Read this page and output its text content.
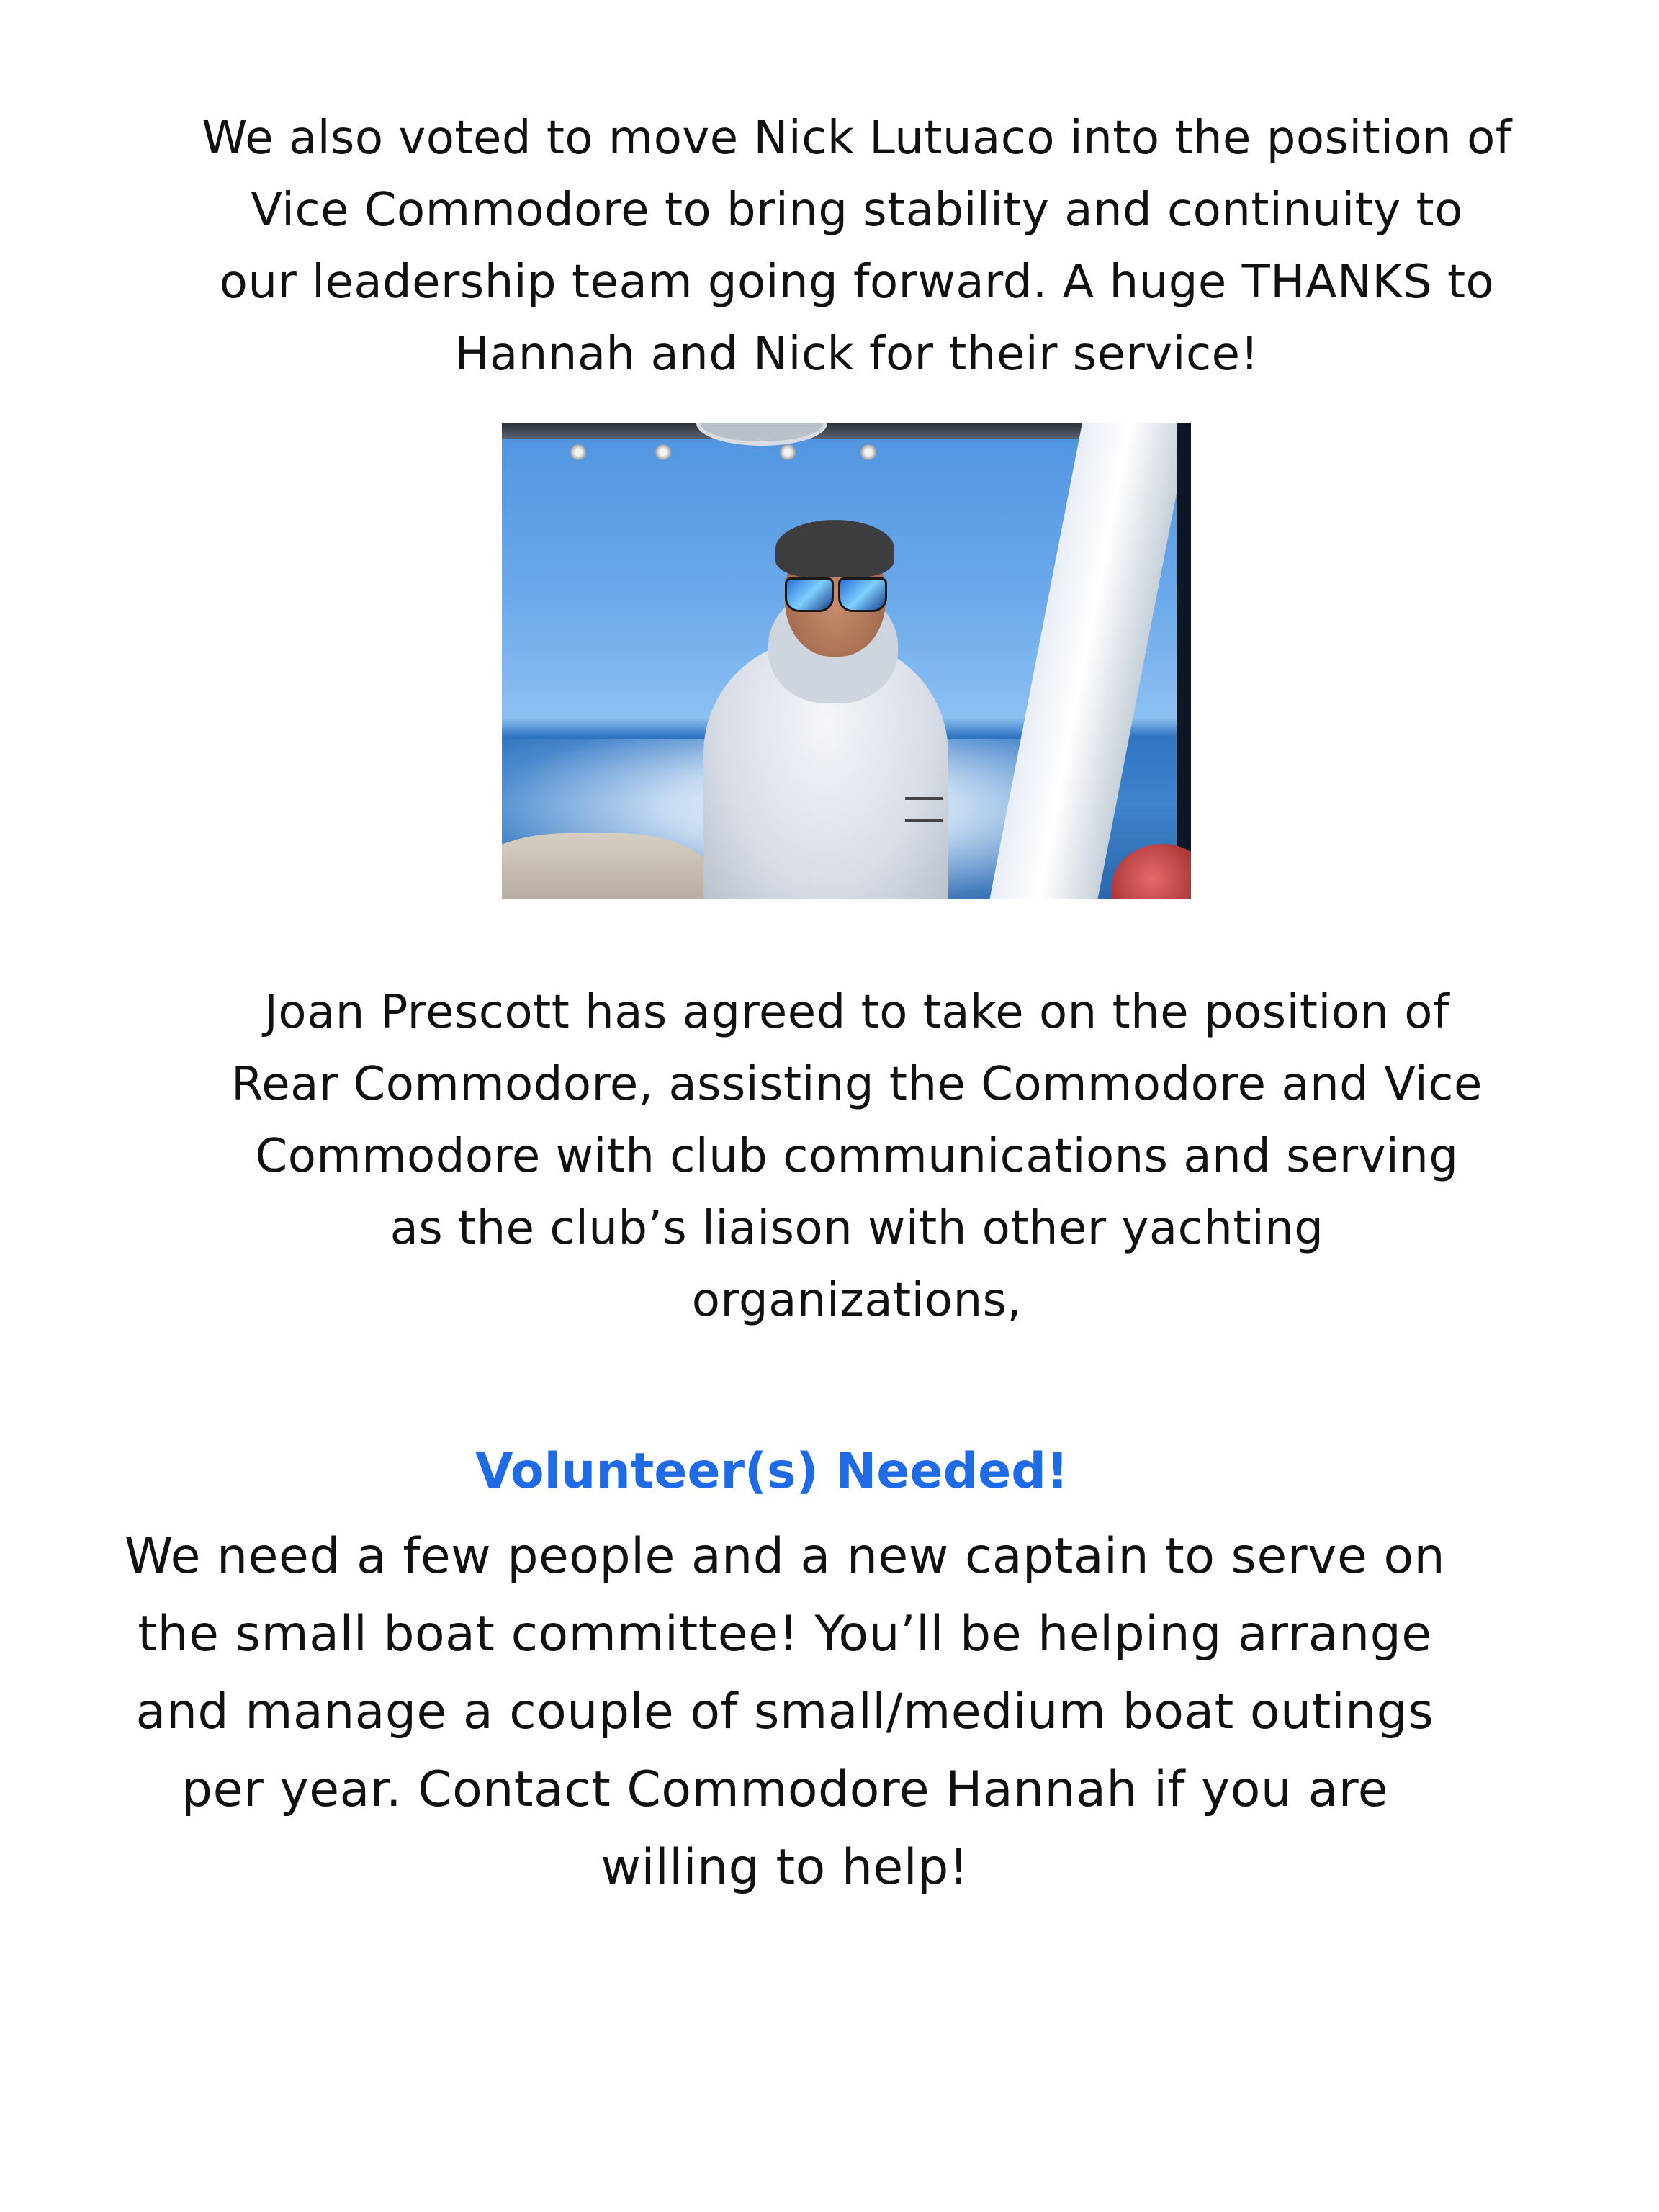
We also voted to move Nick Lutuaco into the position of
Vice Commodore to bring stability and continuity to
our leadership team going forward. A huge THANKS to
Hannah and Nick for their service!
Joan Prescott has agreed to take on the position of
Rear Commodore, assisting the Commodore and Vice
Commodore with club communications and serving
as the club’s liaison with other yachting
organizations,
Volunteer(s) Needed!
We need a few people and a new captain to serve on
the small boat committee! You’ll be helping arrange
and manage a couple of small/medium boat outings
per year. Contact Commodore Hannah if you are
willing to help!
